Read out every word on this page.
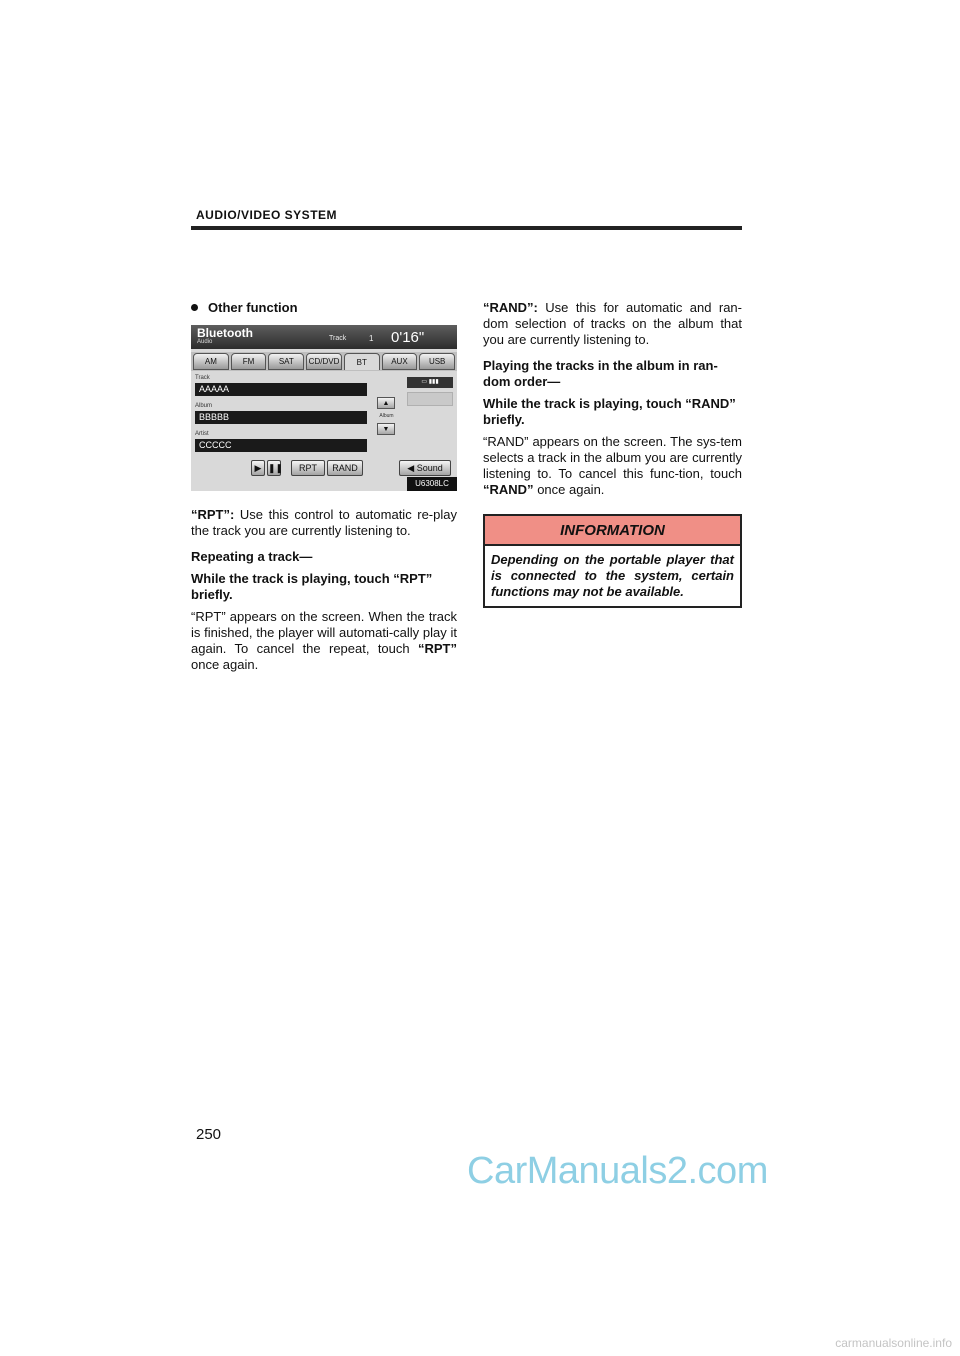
AUDIO/VIDEO SYSTEM
Other function
Bluetooth
Audio	Track	1 0'16"
AM	FM	SAT	CD/DVD	BT	AUX	USB
Track
AAAAA
Album
BBBBB
Artist
CCCCC
▲
Album
▼
▭ ▮▮▮
▶ ❚❚	RPT	RAND	◀ Sound
U6308LC

“RPT”: Use this control to automatic re-play the track you are currently listening to.

Repeating a track—

While the track is playing, touch “RPT” briefly.

“RPT” appears on the screen. When the track is finished, the player will automati-cally play it again. To cancel the repeat, touch “RPT” once again.

“RAND”: Use this for automatic and ran-dom selection of tracks on the album that you are currently listening to.

Playing the tracks in the album in ran-dom order—

While the track is playing, touch “RAND” briefly.

“RAND” appears on the screen. The sys-tem selects a track in the album you are currently listening to. To cancel this func-tion, touch “RAND” once again.

INFORMATION
Depending on the portable player that is connected to the system, certain functions may not be available.
250
CarManuals2.com
carmanualsonline.info
